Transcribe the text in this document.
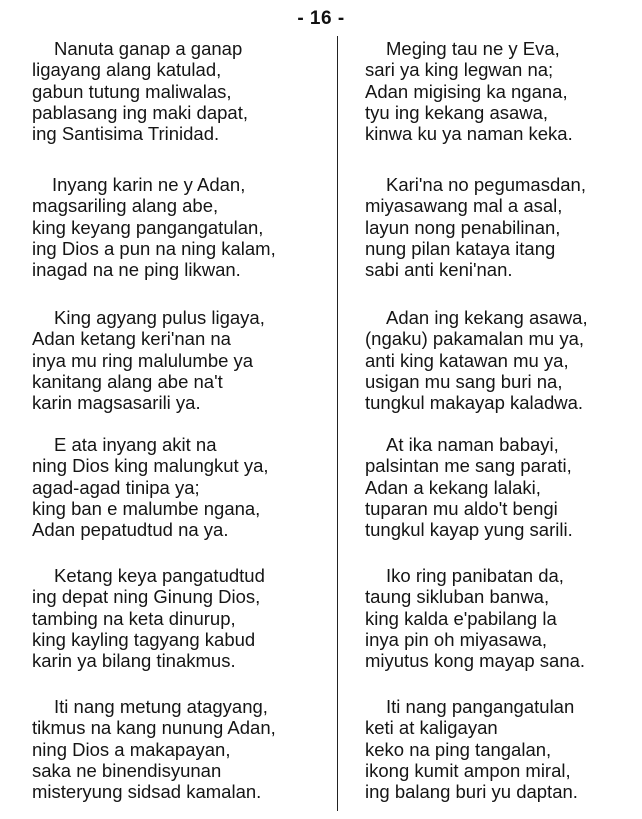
- 16 -
Nanuta ganap a ganap
ligayang alang katulad,
gabun tutung maliwalas,
pablasang ing maki dapat,
ing Santisima Trinidad.
Inyang karin ne y Adan,
magsariling alang abe,
king keyang pangangatulan,
ing Dios a pun na ning kalam,
inagad na ne ping likwan.
King agyang pulus ligaya,
Adan ketang keri'nan na
inya mu ring malulumbe ya
kanitang alang abe na't
karin magsasarili ya.
E ata inyang akit na
ning Dios king malungkut ya,
agad-agad tinipa ya;
king ban e malumbe ngana,
Adan pepatudtud na ya.
Ketang keya pangatudtud
ing depat ning Ginung Dios,
tambing na keta dinurup,
king kayling tagyang kabud
karin ya bilang tinakmus.
Iti nang metung atagyang,
tikmus na kang nunung Adan,
ning Dios a makapayan,
saka ne binendisyunan
misteryung sidsad kamalan.
Meging tau ne y Eva,
sari ya king legwan na;
Adan migising ka ngana,
tyu ing kekang asawa,
kinwa ku ya naman keka.
Kari'na no pegumasdan,
miyasawang mal a asal,
layun nong penabilinan,
nung pilan kataya itang
sabi anti keni'nan.
Adan ing kekang asawa,
(ngaku) pakamalan mu ya,
anti king katawan mu ya,
usigan mu sang buri na,
tungkul makayap kaladwa.
At ika naman babayi,
palsintan me sang parati,
Adan a kekang lalaki,
tuparan mu aldo't bengi
tungkul kayap yung sarili.
Iko ring panibatan da,
taung sikluban banwa,
king kalda e'pabilang la
inya pin oh miyasawa,
miyutus kong mayap sana.
Iti nang pangangatulan
keti at kaligayan
keko na ping tangalan,
ikong kumit ampon miral,
ing balang buri yu daptan.
